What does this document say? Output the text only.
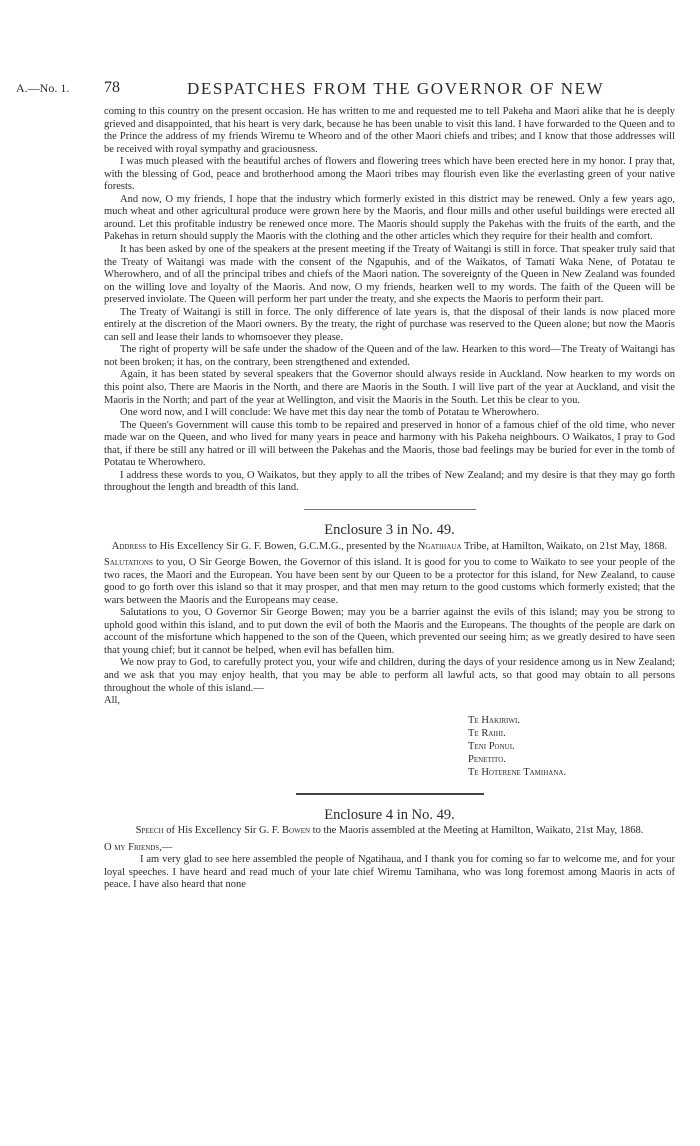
A.—No. 1. 78	DESPATCHES FROM THE GOVERNOR OF NEW

coming to this country on the present occasion. He has written to me and requested me to tell Pakeha and Maori alike that he is deeply grieved and disappointed, that his heart is very dark, because he has been unable to visit this land. I have forwarded to the Queen and to the Prince the address of my friends Wiremu te Wheoro and of the other Maori chiefs and tribes; and I know that those addresses will be received with royal sympathy and graciousness.

I was much pleased with the beautiful arches of flowers and flowering trees which have been erected here in my honor. I pray that, with the blessing of God, peace and brotherhood among the Maori tribes may flourish even like the everlasting green of your native forests.

And now, O my friends, I hope that the industry which formerly existed in this district may be renewed. Only a few years ago, much wheat and other agricultural produce were grown here by the Maoris, and flour mills and other useful buildings were erected all around. Let this profitable industry be renewed once more. The Maoris should supply the Pakehas with the fruits of the earth, and the Pakehas in return should supply the Maoris with the clothing and the other articles which they require for their health and comfort.

It has been asked by one of the speakers at the present meeting if the Treaty of Waitangi is still in force. That speaker truly said that the Treaty of Waitangi was made with the consent of the Ngapuhis, and of the Waikatos, of Tamati Waka Nene, of Potatau te Wherowhero, and of all the principal tribes and chiefs of the Maori nation. The sovereignty of the Queen in New Zealand was founded on the willing love and loyalty of the Maoris. And now, O my friends, hearken well to my words. The faith of the Queen will be preserved inviolate. The Queen will perform her part under the treaty, and she expects the Maoris to perform their part.

The Treaty of Waitangi is still in force. The only difference of late years is, that the disposal of their lands is now placed more entirely at the discretion of the Maori owners. By the treaty, the right of purchase was reserved to the Queen alone; but now the Maoris can sell and lease their lands to whomsoever they please.

The right of property will be safe under the shadow of the Queen and of the law. Hearken to this word—The Treaty of Waitangi has not been broken; it has, on the contrary, been strengthened and extended.

Again, it has been stated by several speakers that the Governor should always reside in Auckland. Now hearken to my words on this point also. There are Maoris in the North, and there are Maoris in the South. I will live part of the year at Auckland, and visit the Maoris in the North; and part of the year at Wellington, and visit the Maoris in the South. Let this be clear to you.

One word now, and I will conclude: We have met this day near the tomb of Potatau te Wherowhero.

The Queen's Government will cause this tomb to be repaired and preserved in honor of a famous chief of the old time, who never made war on the Queen, and who lived for many years in peace and harmony with his Pakeha neighbours. O Waikatos, I pray to God that, if there be still any hatred or ill will between the Pakehas and the Maoris, those bad feelings may be buried for ever in the tomb of Potatau te Wherowhero.

I address these words to you, O Waikatos, but they apply to all the tribes of New Zealand; and my desire is that they may go forth throughout the length and breadth of this land.

Enclosure 3 in No. 49.

Address to His Excellency Sir G. F. Bowen, G.C.M.G., presented by the Ngatihaua Tribe, at Hamilton, Waikato, on 21st May, 1868.

Salutations to you, O Sir George Bowen, the Governor of this island. It is good for you to come to Waikato to see your people of the two races, the Maori and the European. You have been sent by our Queen to be a protector for this island, for New Zealand, to cause good to go forth over this island so that it may prosper, and that men may return to the good customs which formerly existed; that the wars between the Maoris and the Europeans may cease.

Salutations to you, O Governor Sir George Bowen; may you be a barrier against the evils of this island; may you be strong to uphold good within this island, and to put down the evil of both the Maoris and the Europeans. The thoughts of the people are dark on account of the misfortune which happened to the son of the Queen, which prevented our seeing him; as we greatly desired to have seen that young chief; but it cannot be helped, when evil has befallen him.

We now pray to God, to carefully protect you, your wife and children, during the days of your residence among us in New Zealand; and we ask that you may enjoy health, that you may be able to perform all lawful acts, so that good may obtain to all persons throughout the whole of this island.—

All,

Te Hakiriwi.
Te Raihi.
Teni Ponui.
Penetito.
Te Hoterene Tamihana.
Enclosure 4 in No. 49.

Speech of His Excellency Sir G. F. Bowen to the Maoris assembled at the Meeting at Hamilton, Waikato, 21st May, 1868.

O my Friends,—

I am very glad to see here assembled the people of Ngatihaua, and I thank you for coming so far to welcome me, and for your loyal speeches. I have heard and read much of your late chief Wiremu Tamihana, who was long foremost among Maoris in acts of peace. I have also heard that none
